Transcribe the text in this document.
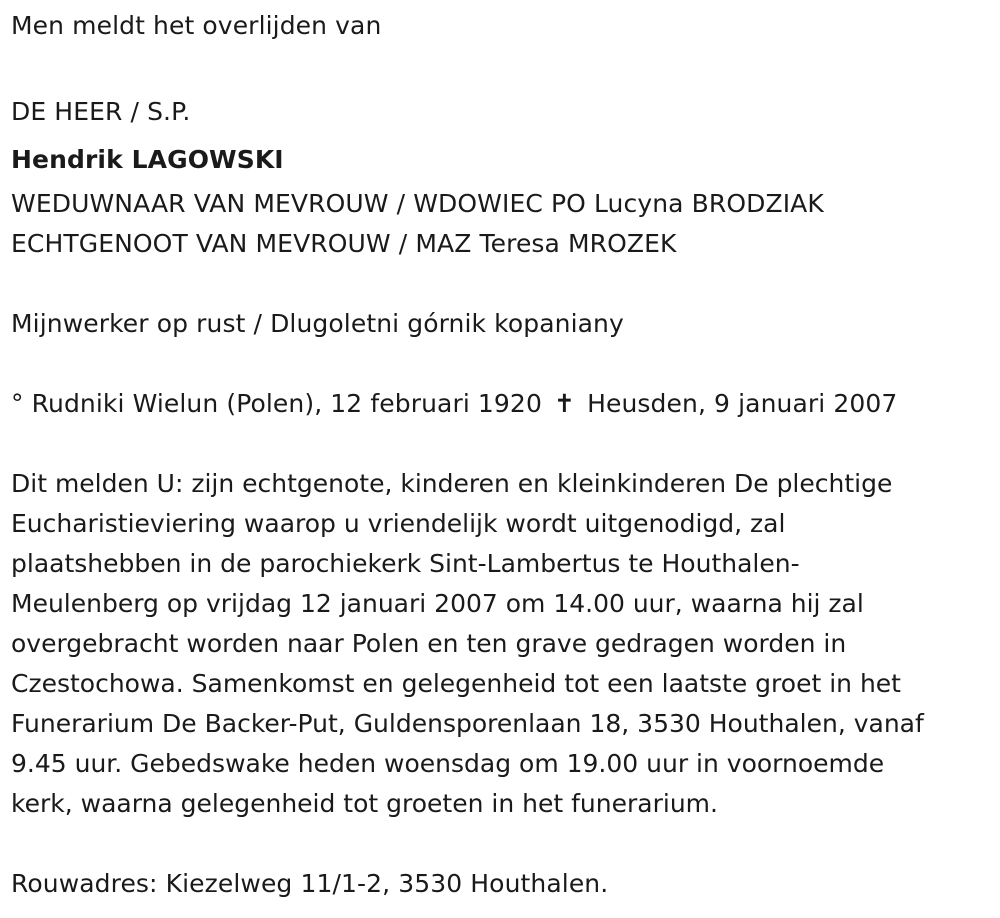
Men meldt het overlijden van
DE HEER / S.P.
Hendrik LAGOWSKI
WEDUWNAAR VAN MEVROUW / WDOWIEC PO Lucyna BRODZIAK
ECHTGENOOT VAN MEVROUW / MAZ Teresa MROZEK
Mijnwerker op rust / Dlugoletni górnik kopaniany
° Rudniki Wielun (Polen), 12 februari 1920 ✝ Heusden, 9 januari 2007
Dit melden U: zijn echtgenote, kinderen en kleinkinderen De plechtige
Eucharistieviering waarop u vriendelijk wordt uitgenodigd, zal
plaatshebben in de parochiekerk Sint-Lambertus te Houthalen-
Meulenberg op vrijdag 12 januari 2007 om 14.00 uur, waarna hij zal
overgebracht worden naar Polen en ten grave gedragen worden in
Czestochowa. Samenkomst en gelegenheid tot een laatste groet in het
Funerarium De Backer-Put, Guldensporenlaan 18, 3530 Houthalen, vanaf
9.45 uur. Gebedswake heden woensdag om 19.00 uur in voornoemde
kerk, waarna gelegenheid tot groeten in het funerarium.
Rouwadres: Kiezelweg 11/1-2, 3530 Houthalen.
